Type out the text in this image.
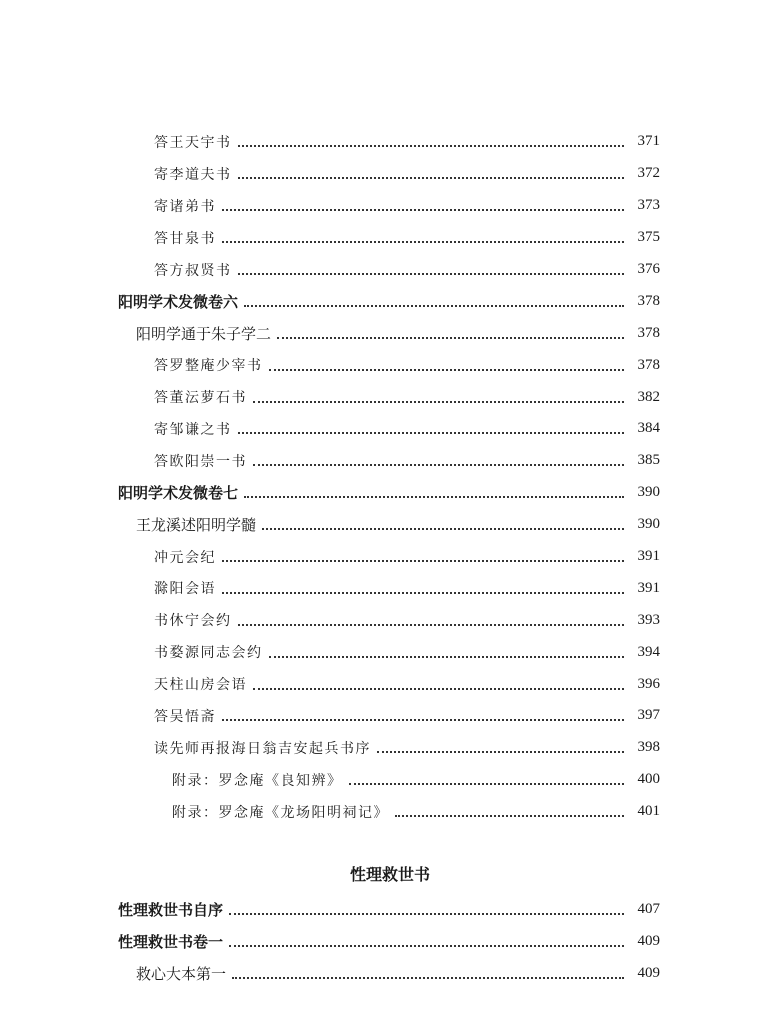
答王天宇书	371
寄李道夫书	372
寄诸弟书	373
答甘泉书	375
答方叔贤书	376
阳明学术发微卷六	378
阳明学通于朱子学二	378
答罗整庵少宰书	378
答董沄萝石书	382
寄邹谦之书	384
答欧阳崇一书	385
阳明学术发微卷七	390
王龙溪述阳明学髓	390
冲元会纪	391
滁阳会语	391
书休宁会约	393
书婺源同志会约	394
天柱山房会语	396
答吴悟斋	397
读先师再报海日翁吉安起兵书序	398
附录：罗念庵《良知辨》	400
附录：罗念庵《龙场阳明祠记》	401
性理救世书
性理救世书自序	407
性理救世书卷一	409
救心大本第一	409
